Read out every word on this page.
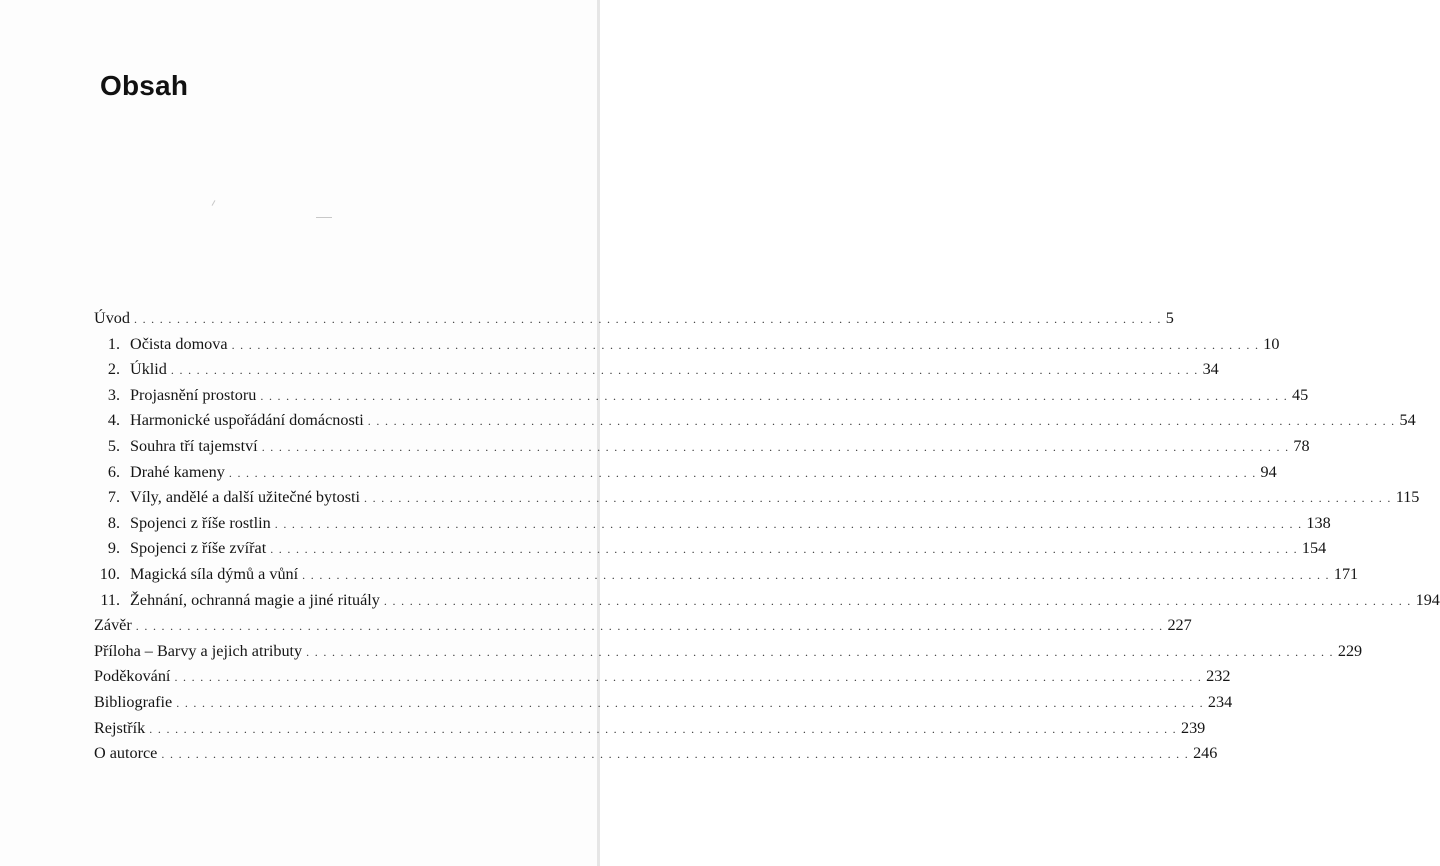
Obsah
Úvod . . . . . . . . . . . . . . . . . . . . . . . . . . . . . . . . . . . . . . . . . . . . . . . . . . . . . . . . . . . . . . . . . . . . . . . . . . . . . . . . . . . . . . . . . . . . . . . . . . . . . . . . . . . . . . . . . . . . . . . . 5
1. Očista domova . . . . . . . . . . . . . . . . . . . . . . . . . . . . . . . . . . . . . . . . . . . . . . . . . . . . . . . . . . . . . . . . . . . . . . . . . . . . . . . . . . . . . . . . . . . . . . . . . . . . . . . . . . . . . . . . . . . . . . . . 10
2. Úklid . . . . . . . . . . . . . . . . . . . . . . . . . . . . . . . . . . . . . . . . . . . . . . . . . . . . . . . . . . . . . . . . . . . . . . . . . . . . . . . . . . . . . . . . . . . . . . . . . . . . . . . . . . . . . . . . . . . . . . . . 34
3. Projasnění prostoru . . . . . . . . . . . . . . . . . . . . . . . . . . . . . . . . . . . . . . . . . . . . . . . . . . . . . . . . . . . . . . . . . . . . . . . . . . . . . . . . . . . . . . . . . . . . . . . . . . . . . . . . . . . . . . . . . . . . . . . . 45
4. Harmonické uspořádání domácnosti . . . . . . . . . . . . . . . . . . . . . . . . . . . . . . . . . . . . . . . . . . . . . . . . . . . . . . . . . . . . . . . . . . . . . . . . . . . . . . . . . . . . . . . . . . . . . . . . . . . . . . . . . . . . . . . . . . . . . . . . 54
5. Souhra tří tajemství . . . . . . . . . . . . . . . . . . . . . . . . . . . . . . . . . . . . . . . . . . . . . . . . . . . . . . . . . . . . . . . . . . . . . . . . . . . . . . . . . . . . . . . . . . . . . . . . . . . . . . . . . . . . . . . . . . . . . . . . 78
6. Drahé kameny . . . . . . . . . . . . . . . . . . . . . . . . . . . . . . . . . . . . . . . . . . . . . . . . . . . . . . . . . . . . . . . . . . . . . . . . . . . . . . . . . . . . . . . . . . . . . . . . . . . . . . . . . . . . . . . . . . . . . . . . 94
7. Víly, andělé a další užitečné bytosti . . . . . . . . . . . . . . . . . . . . . . . . . . . . . . . . . . . . . . . . . . . . . . . . . . . . . . . . . . . . . . . . . . . . . . . . . . . . . . . . . . . . . . . . . . . . . . . . . . . . . . . . . . . . . . . . . . . . . . . . 115
8. Spojenci z říše rostlin . . . . . . . . . . . . . . . . . . . . . . . . . . . . . . . . . . . . . . . . . . . . . . . . . . . . . . . . . . . . . . . . . . . . . . . . . . . . . . . . . . . . . . . . . . . . . . . . . . . . . . . . . . . . . . . . . . . . . . . . 138
9. Spojenci z říše zvířat . . . . . . . . . . . . . . . . . . . . . . . . . . . . . . . . . . . . . . . . . . . . . . . . . . . . . . . . . . . . . . . . . . . . . . . . . . . . . . . . . . . . . . . . . . . . . . . . . . . . . . . . . . . . . . . . . . . . . . . . 154
10. Magická síla dýmů a vůní . . . . . . . . . . . . . . . . . . . . . . . . . . . . . . . . . . . . . . . . . . . . . . . . . . . . . . . . . . . . . . . . . . . . . . . . . . . . . . . . . . . . . . . . . . . . . . . . . . . . . . . . . . . . . . . . . . . . . . . . 171
11. Žehnání, ochranná magie a jiné rituály . . . . . . . . . . . . . . . . . . . . . . . . . . . . . . . . . . . . . . . . . . . . . . . . . . . . . . . . . . . . . . . . . . . . . . . . . . . . . . . . . . . . . . . . . . . . . . . . . . . . . . . . . . . . . . . . . . . . . . . . 194
Závěr . . . . . . . . . . . . . . . . . . . . . . . . . . . . . . . . . . . . . . . . . . . . . . . . . . . . . . . . . . . . . . . . . . . . . . . . . . . . . . . . . . . . . . . . . . . . . . . . . . . . . . . . . . . . . . . . . . . . . . . . 227
Příloha – Barvy a jejich atributy . . . . . . . . . . . . . . . . . . . . . . . . . . . . . . . . . . . . . . . . . . . . . . . . . . . . . . . . . . . . . . . . . . . . . . . . . . . . . . . . . . . . . . . . . . . . . . . . . . . . . . . . . . . . . . . . . . . . . . . . 229
Poděkování . . . . . . . . . . . . . . . . . . . . . . . . . . . . . . . . . . . . . . . . . . . . . . . . . . . . . . . . . . . . . . . . . . . . . . . . . . . . . . . . . . . . . . . . . . . . . . . . . . . . . . . . . . . . . . . . . . . . . . . . 232
Bibliografie . . . . . . . . . . . . . . . . . . . . . . . . . . . . . . . . . . . . . . . . . . . . . . . . . . . . . . . . . . . . . . . . . . . . . . . . . . . . . . . . . . . . . . . . . . . . . . . . . . . . . . . . . . . . . . . . . . . . . . . . 234
Rejstřík . . . . . . . . . . . . . . . . . . . . . . . . . . . . . . . . . . . . . . . . . . . . . . . . . . . . . . . . . . . . . . . . . . . . . . . . . . . . . . . . . . . . . . . . . . . . . . . . . . . . . . . . . . . . . . . . . . . . . . . . 239
O autorce . . . . . . . . . . . . . . . . . . . . . . . . . . . . . . . . . . . . . . . . . . . . . . . . . . . . . . . . . . . . . . . . . . . . . . . . . . . . . . . . . . . . . . . . . . . . . . . . . . . . . . . . . . . . . . . . . . . . . . . . 246
